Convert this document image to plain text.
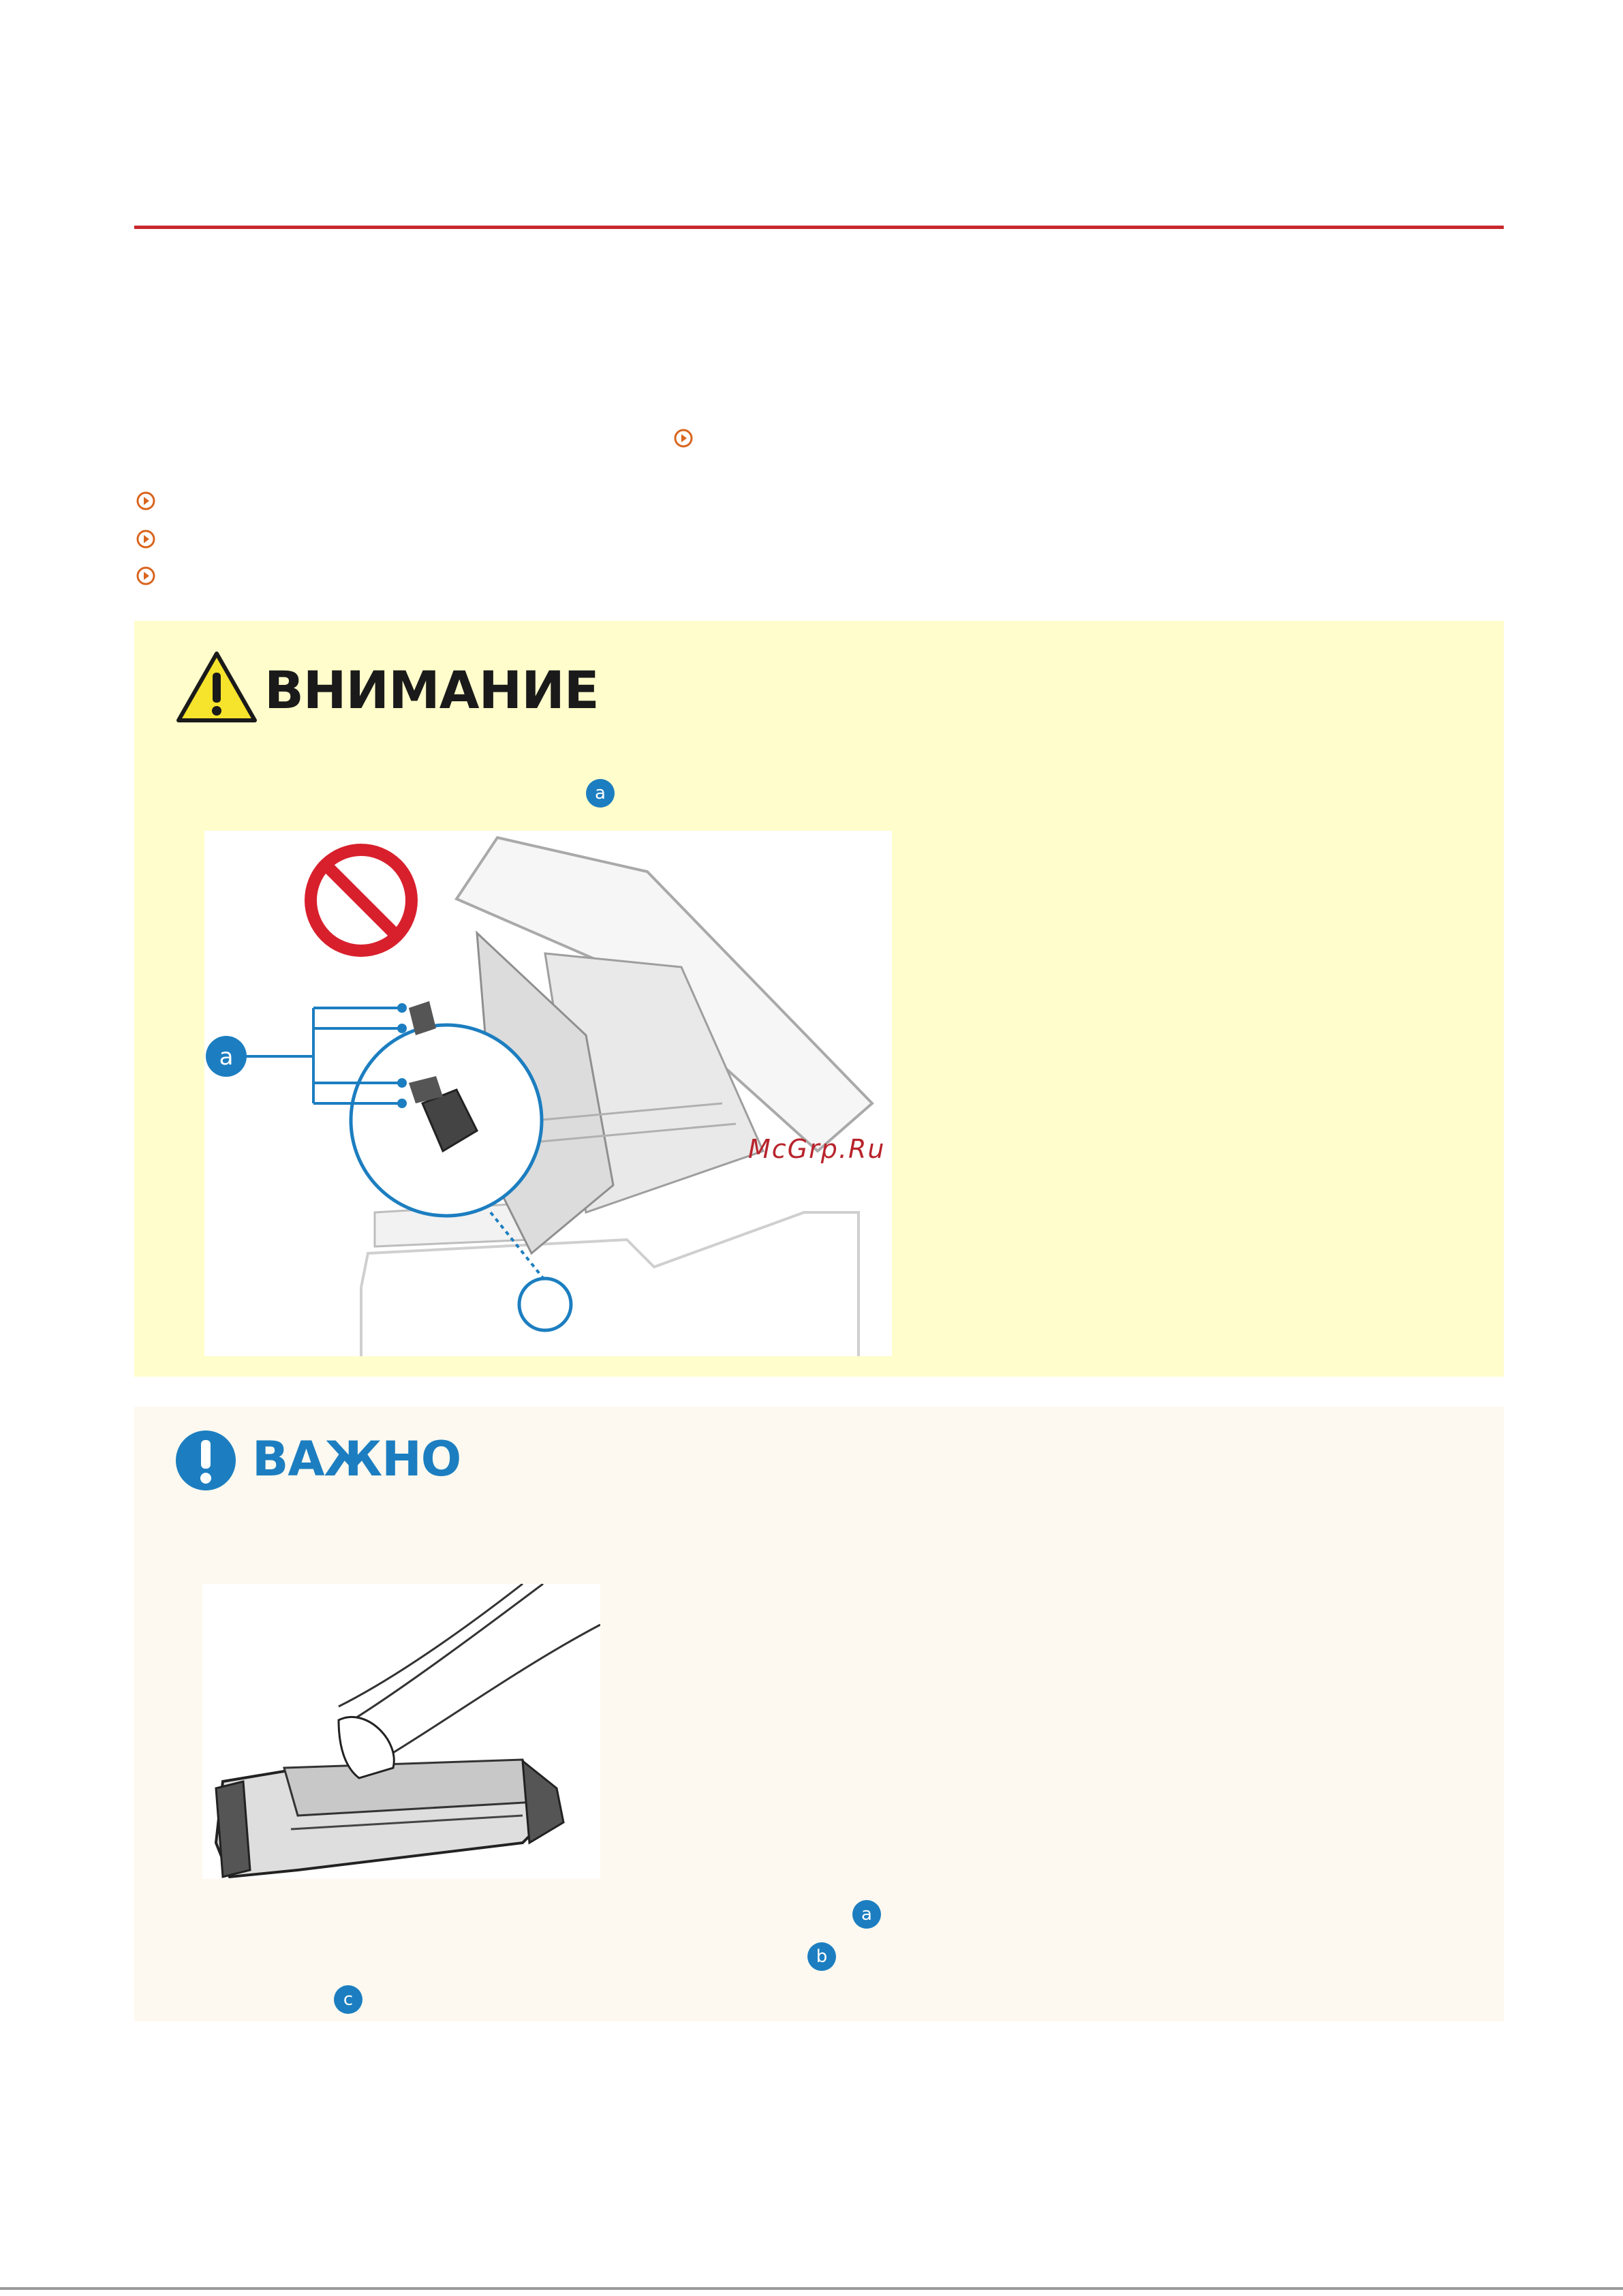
ВНИМАНИЕ
a
a
McGrp.Ru
ВАЖНО
a
b
c
